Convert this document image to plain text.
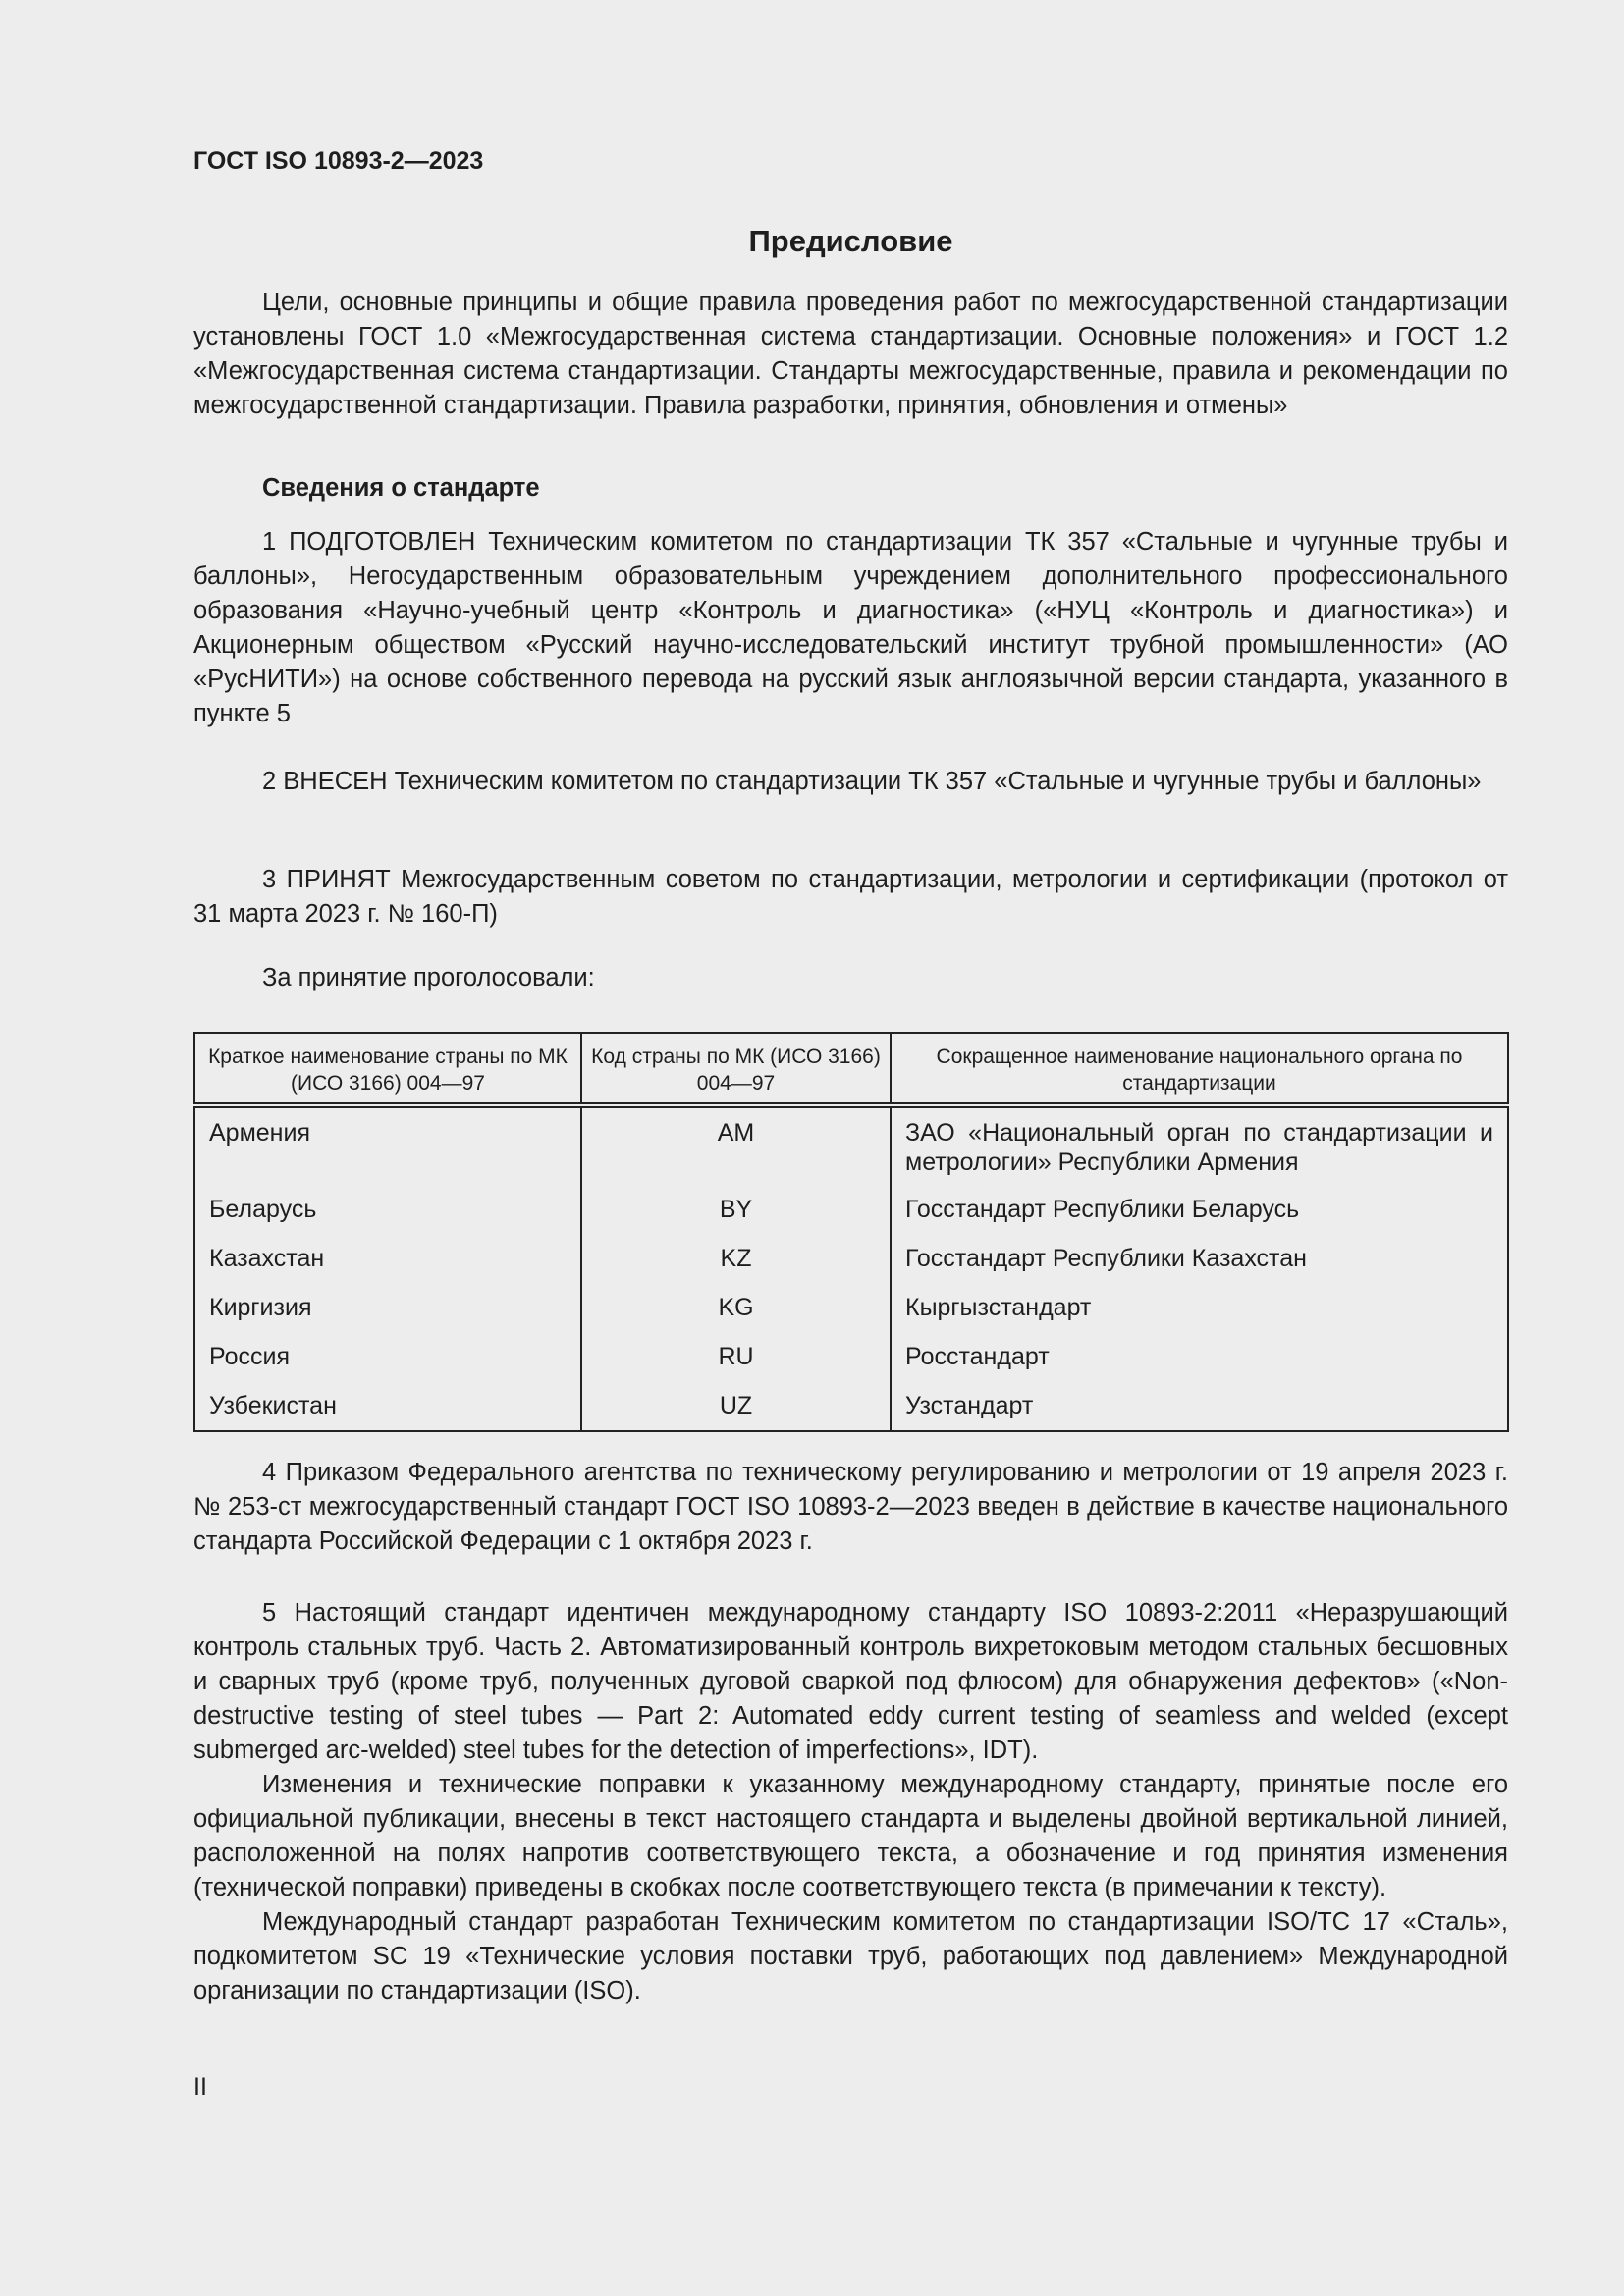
ГОСТ ISO 10893-2—2023
Предисловие

Цели, основные принципы и общие правила проведения работ по межгосударственной стандартизации установлены ГОСТ 1.0 «Межгосударственная система стандартизации. Основные положения» и ГОСТ 1.2 «Межгосударственная система стандартизации. Стандарты межгосударственные, правила и рекомендации по межгосударственной стандартизации. Правила разработки, принятия, обновления и отмены»

Сведения о стандарте

1 ПОДГОТОВЛЕН Техническим комитетом по стандартизации ТК 357 «Стальные и чугунные трубы и баллоны», Негосударственным образовательным учреждением дополнительного профессионального образования «Научно-учебный центр «Контроль и диагностика» («НУЦ «Контроль и диагностика») и Акционерным обществом «Русский научно-исследовательский институт трубной промышленности» (АО «РусНИТИ») на основе собственного перевода на русский язык англоязычной версии стандарта, указанного в пункте 5

2 ВНЕСЕН Техническим комитетом по стандартизации ТК 357 «Стальные и чугунные трубы и баллоны»

3 ПРИНЯТ Межгосударственным советом по стандартизации, метрологии и сертификации (протокол от 31 марта 2023 г. № 160-П)

За принятие проголосовали:

Краткое наименование страны по МК (ИСО 3166) 004—97	Код страны по МК (ИСО 3166) 004—97	Сокращенное наименование национального органа по стандартизации
Армения	AM	ЗАО «Национальный орган по стандартизации и метрологии» Республики Армения
Беларусь	BY	Госстандарт Республики Беларусь
Казахстан	KZ	Госстандарт Республики Казахстан
Киргизия	KG	Кыргызстандарт
Россия	RU	Росстандарт
Узбекистан	UZ	Узстандарт

4 Приказом Федерального агентства по техническому регулированию и метрологии от 19 апреля 2023 г. № 253-ст межгосударственный стандарт ГОСТ ISO 10893-2—2023 введен в действие в качестве национального стандарта Российской Федерации с 1 октября 2023 г.

5 Настоящий стандарт идентичен международному стандарту ISO 10893-2:2011 «Неразрушающий контроль стальных труб. Часть 2. Автоматизированный контроль вихретоковым методом стальных бесшовных и сварных труб (кроме труб, полученных дуговой сваркой под флюсом) для обнаружения дефектов» («Non-destructive testing of steel tubes — Part 2: Automated eddy current testing of seamless and welded (except submerged arc-welded) steel tubes for the detection of imperfections», IDT).

Изменения и технические поправки к указанному международному стандарту, принятые после его официальной публикации, внесены в текст настоящего стандарта и выделены двойной вертикальной линией, расположенной на полях напротив соответствующего текста, а обозначение и год принятия изменения (технической поправки) приведены в скобках после соответствующего текста (в примечании к тексту).

Международный стандарт разработан Техническим комитетом по стандартизации ISO/TC 17 «Сталь», подкомитетом SC 19 «Технические условия поставки труб, работающих под давлением» Международной организации по стандартизации (ISO).

II
